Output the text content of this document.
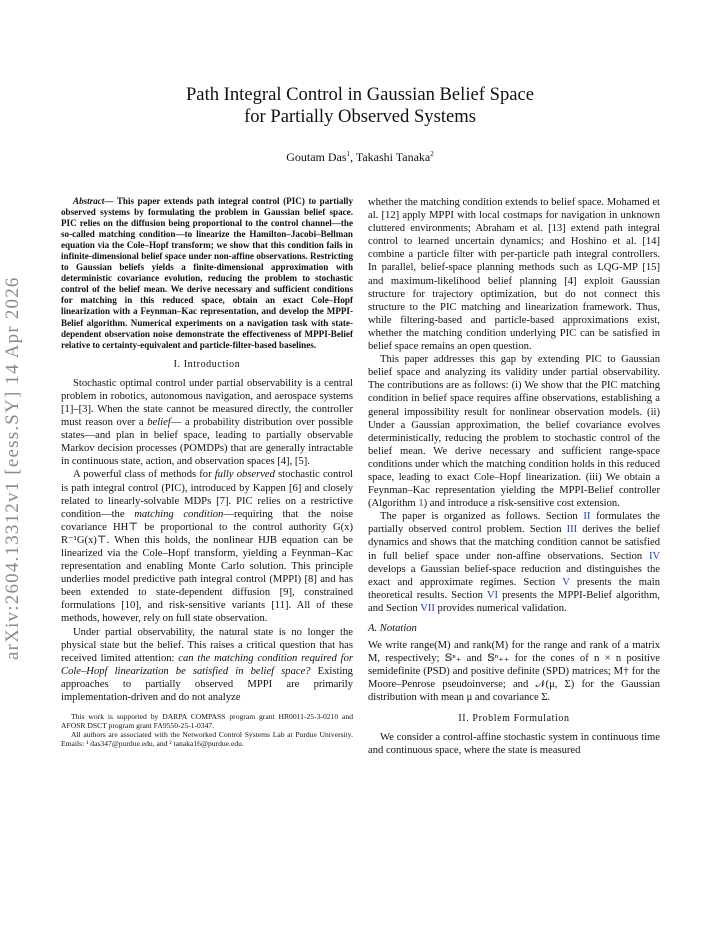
arXiv:2604.13312v1 [eess.SY] 14 Apr 2026
Path Integral Control in Gaussian Belief Space
for Partially Observed Systems
Goutam Das$^1$, Takashi Tanaka$^2$

Abstract— This paper extends path integral control (PIC) to partially observed systems by formulating the problem in Gaussian belief space. PIC relies on the diffusion being proportional to the control channel—the so-called matching condition—to linearize the Hamilton–Jacobi–Bellman equation via the Cole–Hopf transform; we show that this condition fails in infinite-dimensional belief space under non-affine observations. Restricting to Gaussian beliefs yields a finite-dimensional approximation with deterministic covariance evolution, reducing the problem to stochastic control of the belief mean. We derive necessary and sufficient conditions for matching in this reduced space, obtain an exact Cole–Hopf linearization with a Feynman–Kac representation, and develop the MPPI-Belief algorithm. Numerical experiments on a navigation task with state-dependent observation noise demonstrate the effectiveness of MPPI-Belief relative to certainty-equivalent and particle-filter-based baselines.

I. Introduction

Stochastic optimal control under partial observability is a central problem in robotics, autonomous navigation, and aerospace systems [1]–[3]. When the state cannot be measured directly, the controller must reason over a belief— a probability distribution over possible states—and plan in belief space, leading to partially observable Markov decision processes (POMDPs) that are generally intractable in continuous state, action, and observation spaces [4], [5].

A powerful class of methods for fully observed stochastic control is path integral control (PIC), introduced by Kappen [6] and closely related to linearly-solvable MDPs [7]. PIC relies on a restrictive condition—the matching condition—requiring that the noise covariance HH⊤ be proportional to the control authority G(x) R⁻¹G(x)⊤. When this holds, the nonlinear HJB equation can be linearized via the Cole–Hopf transform, yielding a Feynman–Kac representation and enabling Monte Carlo solution. This principle underlies model predictive path integral control (MPPI) [8] and has been extended to state-dependent diffusion [9], constrained formulations [10], and risk-sensitive variants [11]. All of these methods, however, rely on full state observation.

Under partial observability, the natural state is no longer the physical state but the belief. This raises a critical question that has received limited attention: can the matching condition required for Cole–Hopf linearization be satisfied in belief space? Existing approaches to partially observed MPPI are primarily implementation-driven and do not analyze

This work is supported by DARPA COMPASS program grant HR0011-25-3-0210 and AFOSR DSCT program grant FA9550-25-1-0347.

All authors are associated with the Networked Control Systems Lab at Purdue University. Emails: ¹ das347@purdue.edu, and ² tanaka16@purdue.edu.

whether the matching condition extends to belief space. Mohamed et al. [12] apply MPPI with local costmaps for navigation in unknown cluttered environments; Abraham et al. [13] extend path integral control to learned uncertain dynamics; and Hoshino et al. [14] combine a particle filter with per-particle path integral controllers. In parallel, belief-space planning methods such as LQG-MP [15] and maximum-likelihood belief planning [4] exploit Gaussian structure for trajectory optimization, but do not connect this structure to the PIC matching and linearization framework. Thus, while filtering-based and particle-based approximations exist, whether the matching condition underlying PIC can be satisfied in belief space remains an open question.

This paper addresses this gap by extending PIC to Gaussian belief space and analyzing its validity under partial observability. The contributions are as follows: (i) We show that the PIC matching condition in belief space requires affine observations, establishing a general impossibility result for nonlinear observation models. (ii) Under a Gaussian approximation, the belief covariance evolves deterministically, reducing the problem to stochastic control of the belief mean. We derive necessary and sufficient range-space conditions under which the matching condition holds in this reduced space, leading to exact Cole–Hopf linearization. (iii) We obtain a Feynman–Kac representation yielding the MPPI-Belief controller (Algorithm 1) and introduce a risk-sensitive cost extension.

The paper is organized as follows. Section II formulates the partially observed control problem. Section III derives the belief dynamics and shows that the matching condition cannot be satisfied in full belief space under non-affine observations. Section IV develops a Gaussian belief-space reduction and distinguishes the exact and approximate regimes. Section V presents the main theoretical results. Section VI presents the MPPI-Belief algorithm, and Section VII provides numerical validation.

A. Notation

We write range(M) and rank(M) for the range and rank of a matrix M, respectively; 𝕊ⁿ₊ and 𝕊ⁿ₊₊ for the cones of n × n positive semidefinite (PSD) and positive definite (SPD) matrices; M† for the Moore–Penrose pseudoinverse; and 𝒩(μ, Σ) for the Gaussian distribution with mean μ and covariance Σ.

II. Problem Formulation

We consider a control-affine stochastic system in continuous time and continuous space, where the state is measured
